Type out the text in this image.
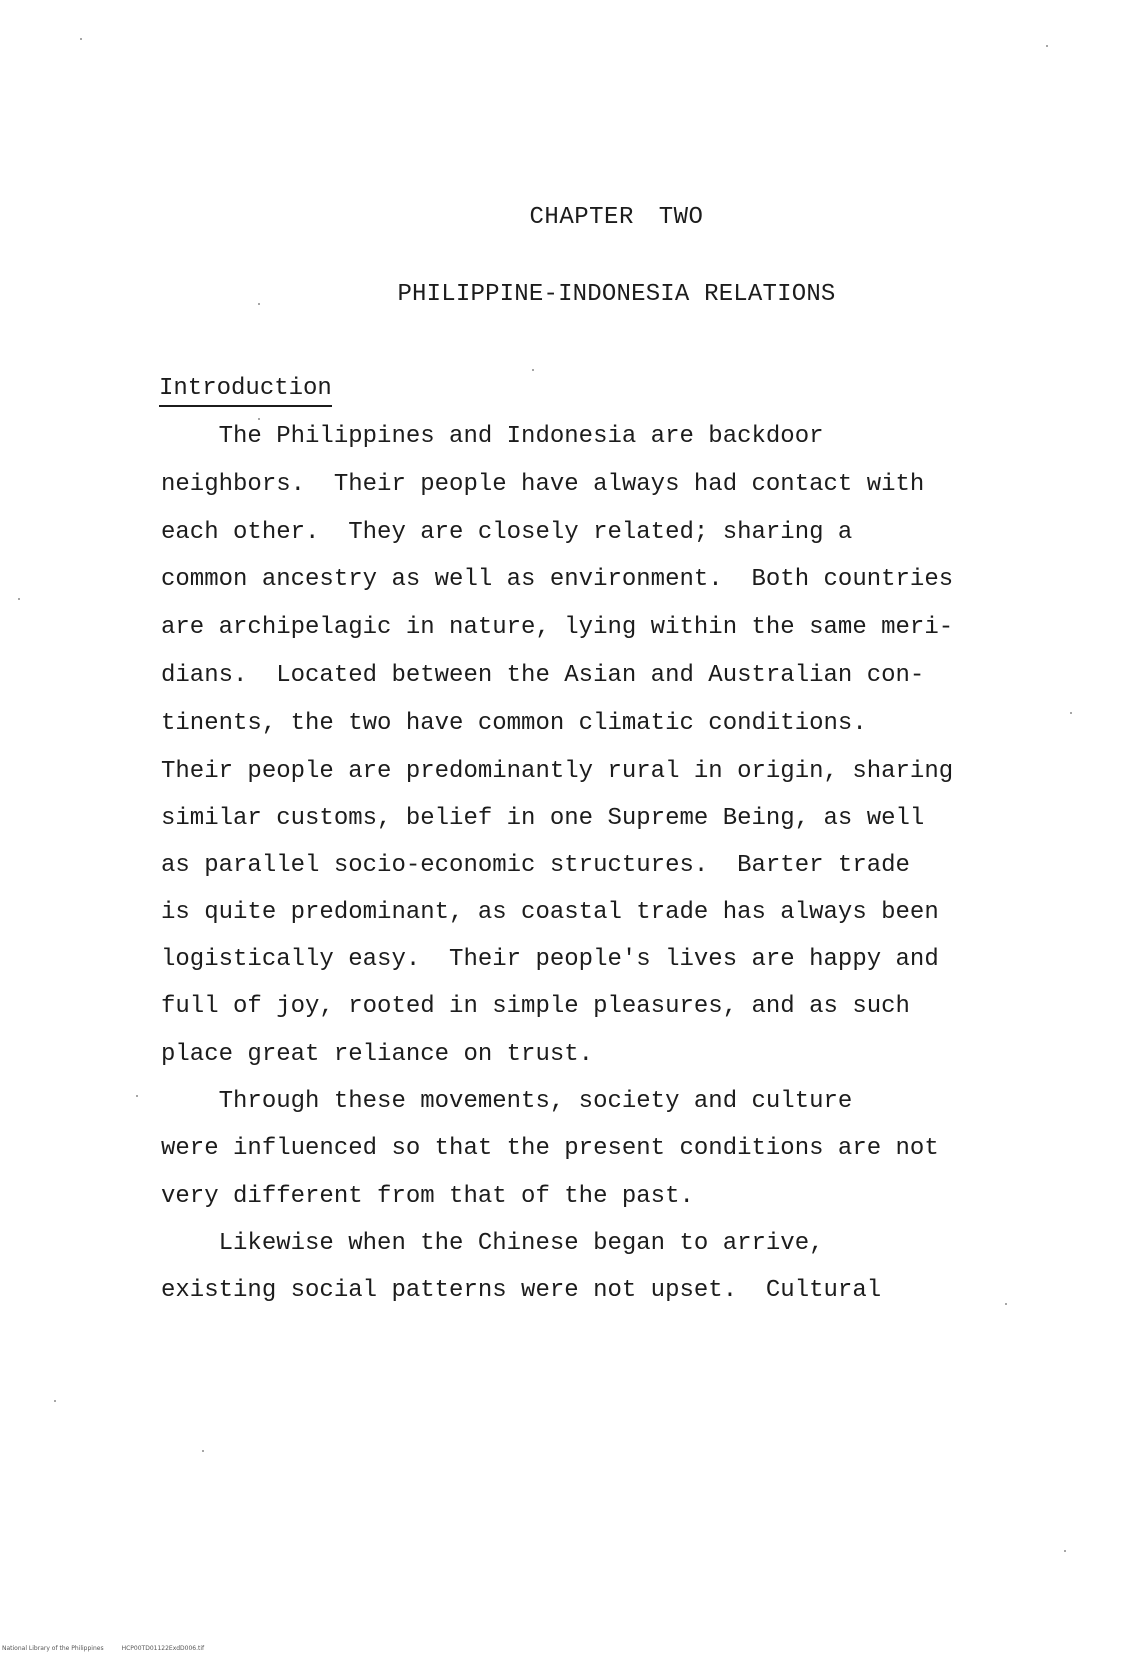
CHAPTER TWO
PHILIPPINE-INDONESIA RELATIONS
Introduction
The Philippines and Indonesia are backdoor
neighbors.  Their people have always had contact with
each other.  They are closely related; sharing a
common ancestry as well as environment.  Both countries
are archipelagic in nature, lying within the same meri-
dians.  Located between the Asian and Australian con-
tinents, the two have common climatic conditions.
Their people are predominantly rural in origin, sharing
similar customs, belief in one Supreme Being, as well
as parallel socio-economic structures.  Barter trade
is quite predominant, as coastal trade has always been
logistically easy.  Their people's lives are happy and
full of joy, rooted in simple pleasures, and as such
place great reliance on trust.
Through these movements, society and culture
were influenced so that the present conditions are not
very different from that of the past.
Likewise when the Chinese began to arrive,
existing social patterns were not upset.  Cultural
National Library of the Philippines	HCP00TD01122ExdD006.tif
